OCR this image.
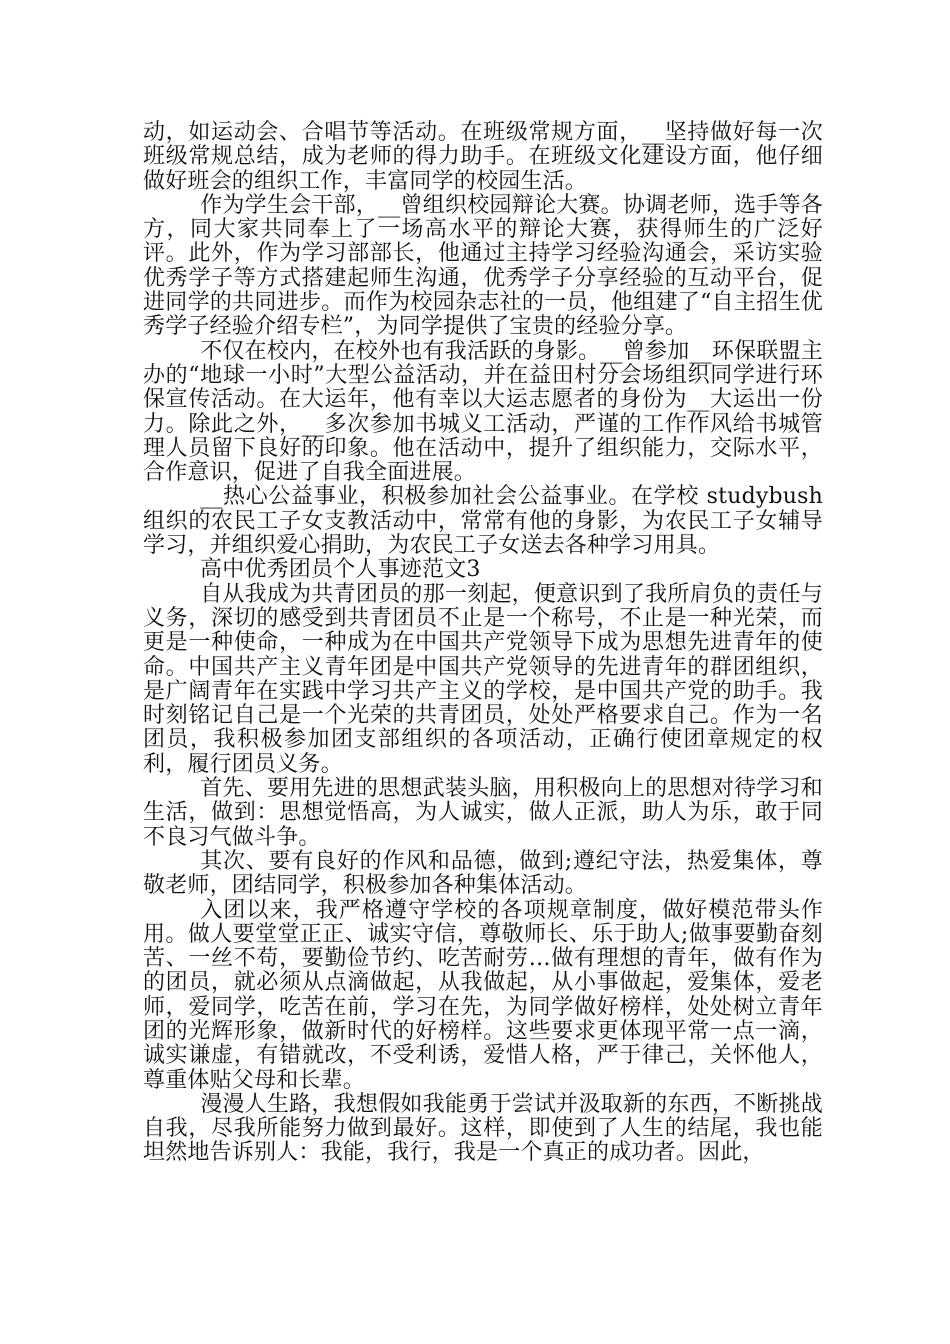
动，如运动会、合唱节等活动。在班级常规方面，__坚持做好每一次班级常规总结，成为老师的得力助手。在班级文化建设方面，他仔细做好班会的组织工作，丰富同学的校园生活。

作为学生会干部，__曾组织校园辩论大赛。协调老师，选手等各方，同大家共同奉上了一场高水平的辩论大赛，获得师生的广泛好评。此外，作为学习部部长，他通过主持学习经验沟通会，采访实验优秀学子等方式搭建起师生沟通，优秀学子分享经验的互动平台，促进同学的共同进步。而作为校园杂志社的一员，他组建了“自主招生优秀学子经验介绍专栏”，为同学提供了宝贵的经验分享。

不仅在校内，在校外也有我活跃的身影。__曾参加__环保联盟主办的“地球一小时”大型公益活动，并在益田村分会场组织同学进行环保宣传活动。在大运年，他有幸以大运志愿者的身份为__大运出一份力。除此之外，__多次参加书城义工活动，严谨的工作作风给书城管理人员留下良好的印象。他在活动中，提升了组织能力，交际水平，合作意识，促进了自我全面进展。

__热心公益事业，积极参加社会公益事业。在学校 studybush 组织的农民工子女支教活动中，常常有他的身影，为农民工子女辅导学习，并组织爱心捐助，为农民工子女送去各种学习用具。

高中优秀团员个人事迹范文3

自从我成为共青团员的那一刻起，便意识到了我所肩负的责任与义务，深切的感受到共青团员不止是一个称号，不止是一种光荣，而更是一种使命，一种成为在中国共产党领导下成为思想先进青年的使命。中国共产主义青年团是中国共产党领导的先进青年的群团组织，是广阔青年在实践中学习共产主义的学校，是中国共产党的助手。我时刻铭记自己是一个光荣的共青团员，处处严格要求自己。作为一名团员，我积极参加团支部组织的各项活动，正确行使团章规定的权利，履行团员义务。

首先、要用先进的思想武装头脑，用积极向上的思想对待学习和生活，做到：思想觉悟高，为人诚实，做人正派，助人为乐，敢于同不良习气做斗争。

其次、要有良好的作风和品德，做到;遵纪守法，热爱集体，尊敬老师，团结同学，积极参加各种集体活动。

入团以来，我严格遵守学校的各项规章制度，做好模范带头作用。做人要堂堂正正、诚实守信，尊敬师长、乐于助人;做事要勤奋刻苦、一丝不苟，要勤俭节约、吃苦耐劳…做有理想的青年，做有作为的团员，就必须从点滴做起，从我做起，从小事做起，爱集体，爱老师，爱同学，吃苦在前，学习在先，为同学做好榜样，处处树立青年团的光辉形象，做新时代的好榜样。这些要求更体现平常一点一滴，诚实谦虚，有错就改，不受利诱，爱惜人格，严于律己，关怀他人，尊重体贴父母和长辈。

漫漫人生路，我想假如我能勇于尝试并汲取新的东西，不断挑战自我，尽我所能努力做到最好。这样，即使到了人生的结尾，我也能坦然地告诉别人：我能，我行，我是一个真正的成功者。因此，
